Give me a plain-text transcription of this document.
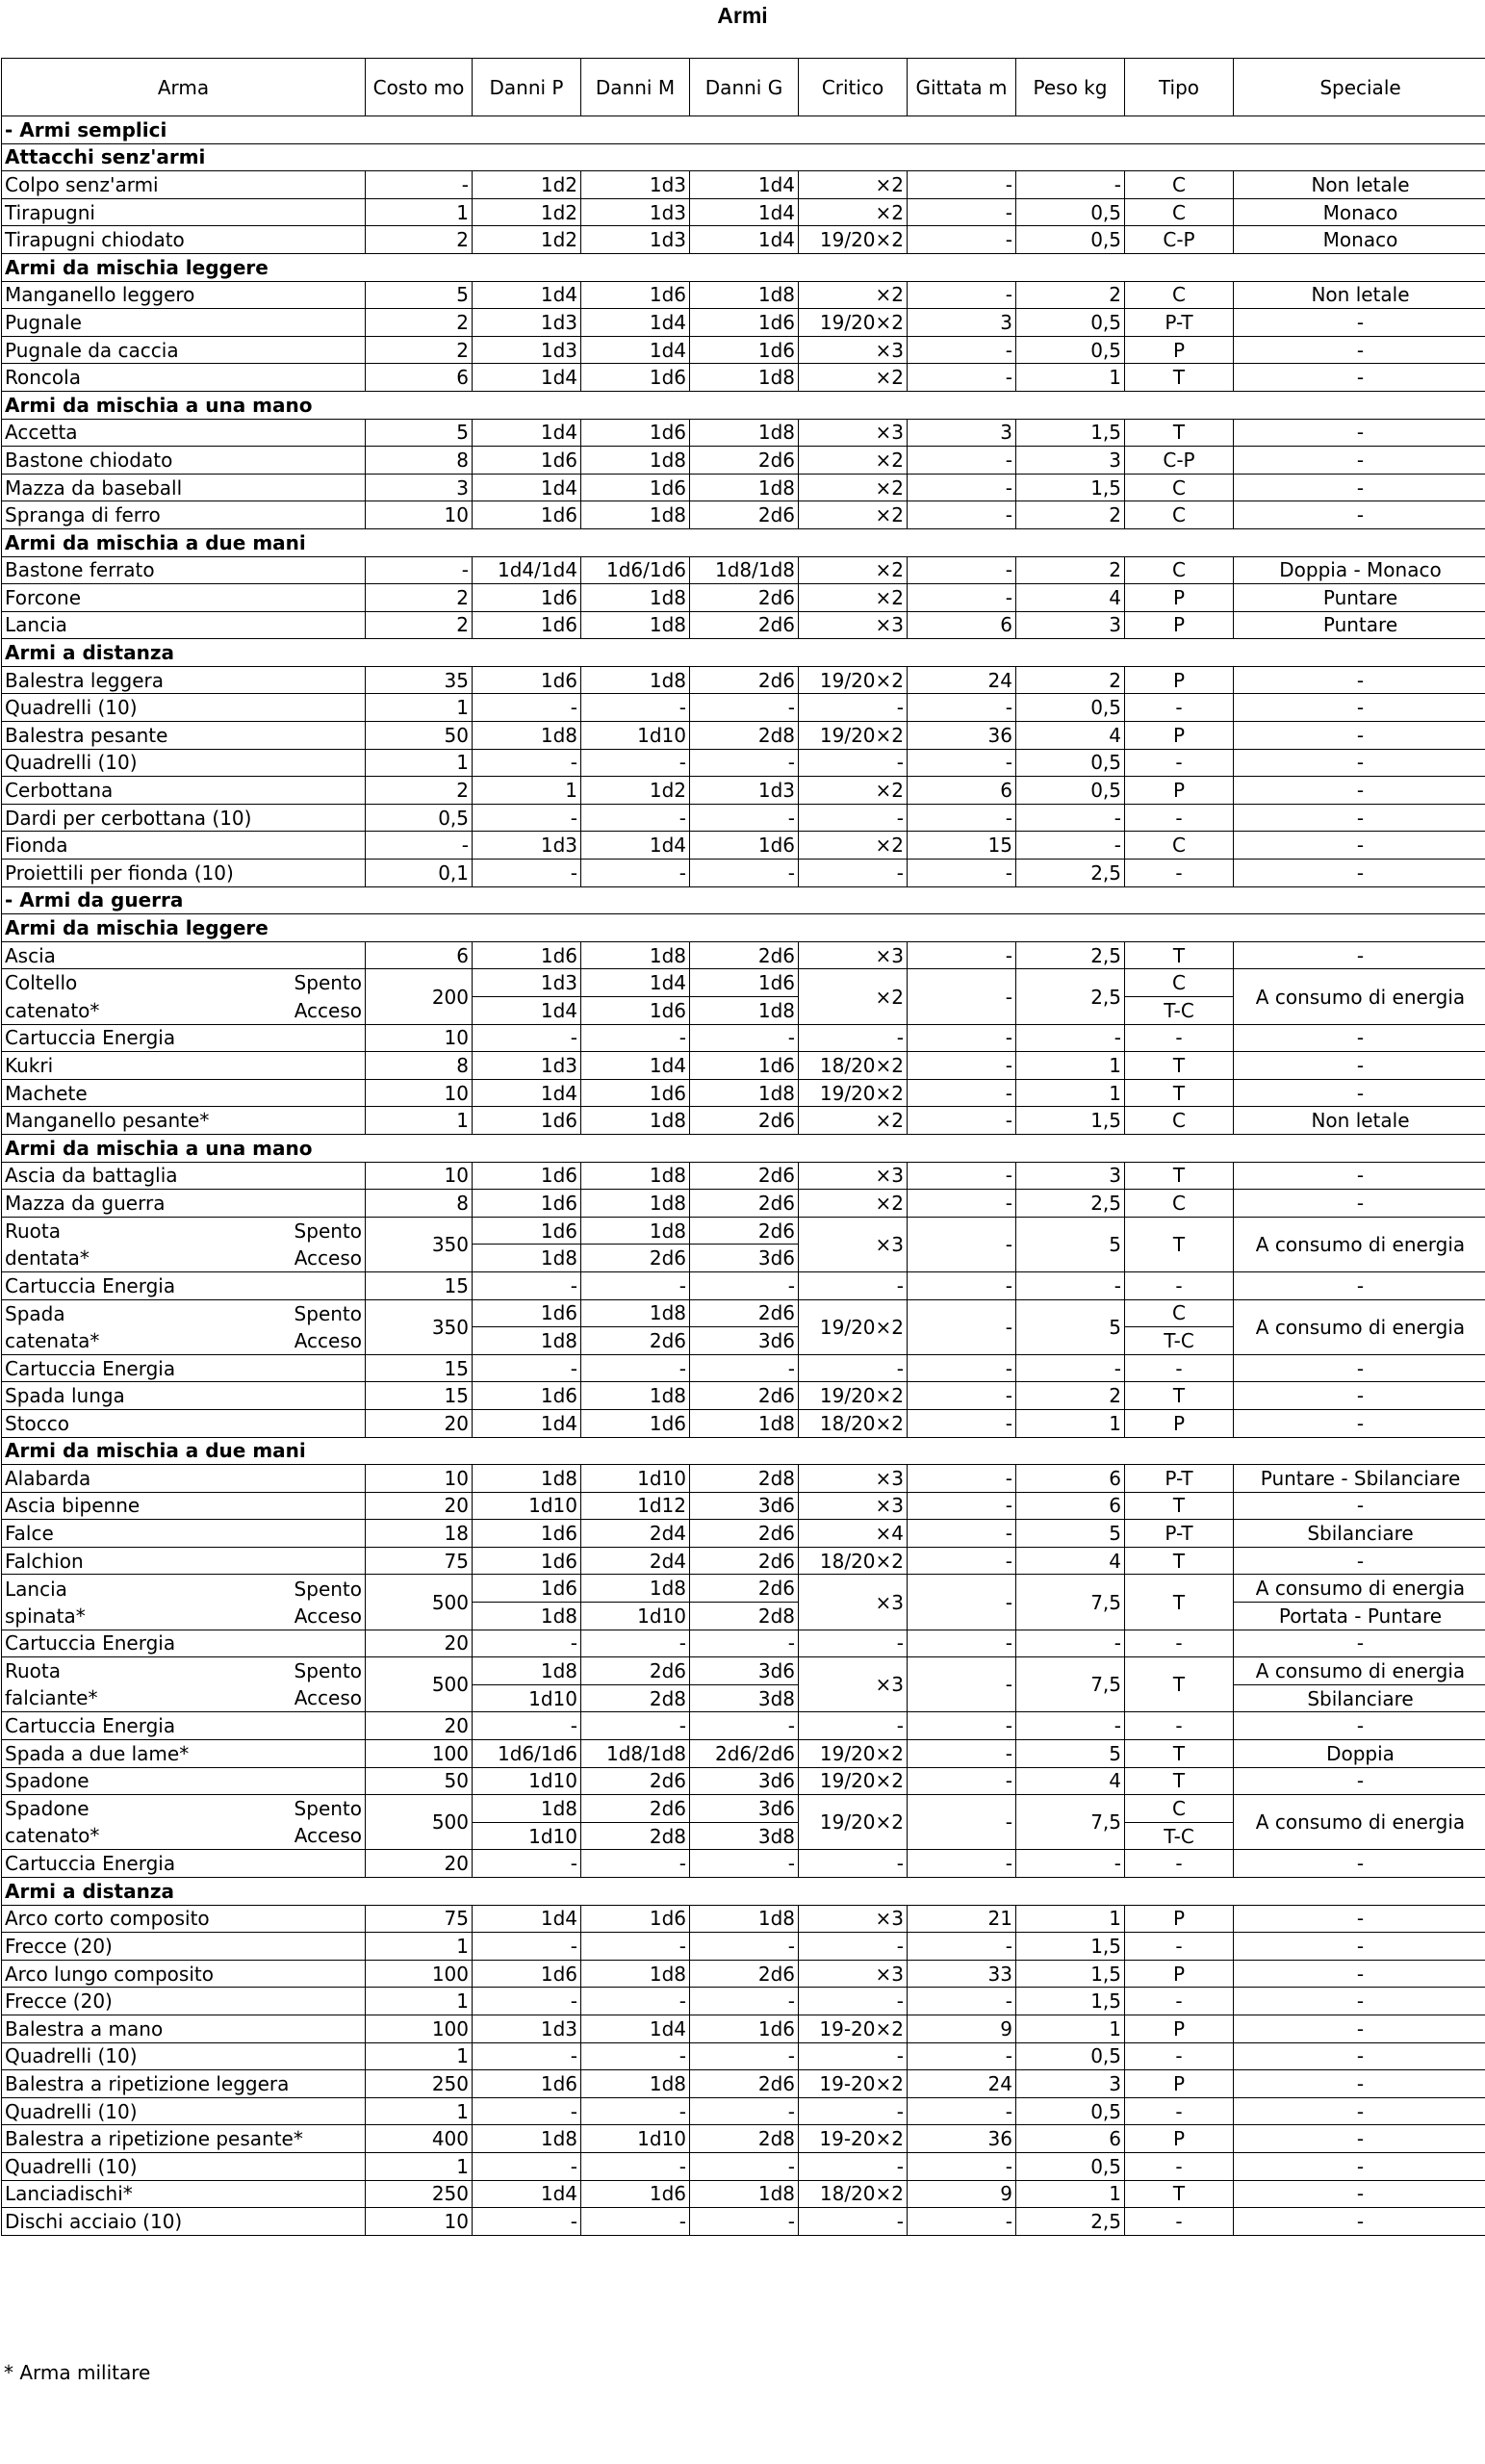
Armi
Arma	Costo mo	Danni P	Danni M	Danni G	Critico	Gittata m	Peso kg	Tipo	Speciale
- Armi semplici									
Attacchi senz'armi									
Colpo senz'armi	-	1d2	1d3	1d4	×2	-	-	C	Non letale
Tirapugni	1	1d2	1d3	1d4	×2	-	0,5	C	Monaco
Tirapugni chiodato	2	1d2	1d3	1d4	19/20×2	-	0,5	C-P	Monaco
Armi da mischia leggere									
Manganello leggero	5	1d4	1d6	1d8	×2	-	2	C	Non letale
Pugnale	2	1d3	1d4	1d6	19/20×2	3	0,5	P-T	-
Pugnale da caccia	2	1d3	1d4	1d6	×3	-	0,5	P	-
Roncola	6	1d4	1d6	1d8	×2	-	1	T	-
Armi da mischia a una mano									
Accetta	5	1d4	1d6	1d8	×3	3	1,5	T	-
Bastone chiodato	8	1d6	1d8	2d6	×2	-	3	C-P	-
Mazza da baseball	3	1d4	1d6	1d8	×2	-	1,5	C	-
Spranga di ferro	10	1d6	1d8	2d6	×2	-	2	C	-
Armi da mischia a due mani									
Bastone ferrato	-	1d4/1d4	1d6/1d6	1d8/1d8	×2	-	2	C	Doppia - Monaco
Forcone	2	1d6	1d8	2d6	×2	-	4	P	Puntare
Lancia	2	1d6	1d8	2d6	×3	6	3	P	Puntare
Armi a distanza									
Balestra leggera	35	1d6	1d8	2d6	19/20×2	24	2	P	-
Quadrelli (10)	1	-	-	-	-	-	0,5	-	-
Balestra pesante	50	1d8	1d10	2d8	19/20×2	36	4	P	-
Quadrelli (10)	1	-	-	-	-	-	0,5	-	-
Cerbottana	2	1	1d2	1d3	×2	6	0,5	P	-
Dardi per cerbottana (10)	0,5	-	-	-	-	-	-	-	-
Fionda	-	1d3	1d4	1d6	×2	15	-	C	-
Proiettili per fionda (10)	0,1	-	-	-	-	-	2,5	-	-
- Armi da guerra									
Armi da mischia leggere									
Ascia	6	1d6	1d8	2d6	×3	-	2,5	T	-

Coltello Spento	200	1d3	1d4	1d6	×2	-	2,5	C	A consumo di energia

catenato* Acceso		1d4	1d6	1d8				T-C	
Cartuccia Energia	10	-	-	-	-	-	-	-	-
Kukri	8	1d3	1d4	1d6	18/20×2	-	1	T	-
Machete	10	1d4	1d6	1d8	19/20×2	-	1	T	-
Manganello pesante*	1	1d6	1d8	2d6	×2	-	1,5	C	Non letale
Armi da mischia a una mano									
Ascia da battaglia	10	1d6	1d8	2d6	×3	-	3	T	-
Mazza da guerra	8	1d6	1d8	2d6	×2	-	2,5	C	-

Ruota Spento	350	1d6	1d8	2d6	×3	-	5	T	A consumo di energia

dentata* Acceso		1d8	2d6	3d6					
Cartuccia Energia	15	-	-	-	-	-	-	-	-

Spada Spento	350	1d6	1d8	2d6	19/20×2	-	5	C	A consumo di energia

catenata* Acceso		1d8	2d6	3d6				T-C	
Cartuccia Energia	15	-	-	-	-	-	-	-	-
Spada lunga	15	1d6	1d8	2d6	19/20×2	-	2	T	-
Stocco	20	1d4	1d6	1d8	18/20×2	-	1	P	-
Armi da mischia a due mani									
Alabarda	10	1d8	1d10	2d8	×3	-	6	P-T	Puntare - Sbilanciare
Ascia bipenne	20	1d10	1d12	3d6	×3	-	6	T	-
Falce	18	1d6	2d4	2d6	×4	-	5	P-T	Sbilanciare
Falchion	75	1d6	2d4	2d6	18/20×2	-	4	T	-

Lancia Spento	500	1d6	1d8	2d6	×3	-	7,5	T	A consumo di energia

spinata* Acceso		1d8	1d10	2d8					Portata - Puntare
Cartuccia Energia	20	-	-	-	-	-	-	-	-

Ruota Spento	500	1d8	2d6	3d6	×3	-	7,5	T	A consumo di energia

falciante* Acceso		1d10	2d8	3d8					Sbilanciare
Cartuccia Energia	20	-	-	-	-	-	-	-	-
Spada a due lame*	100	1d6/1d6	1d8/1d8	2d6/2d6	19/20×2	-	5	T	Doppia
Spadone	50	1d10	2d6	3d6	19/20×2	-	4	T	-

Spadone Spento	500	1d8	2d6	3d6	19/20×2	-	7,5	C	A consumo di energia

catenato* Acceso		1d10	2d8	3d8				T-C	
Cartuccia Energia	20	-	-	-	-	-	-	-	-
Armi a distanza									
Arco corto composito	75	1d4	1d6	1d8	×3	21	1	P	-
Frecce (20)	1	-	-	-	-	-	1,5	-	-
Arco lungo composito	100	1d6	1d8	2d6	×3	33	1,5	P	-
Frecce (20)	1	-	-	-	-	-	1,5	-	-
Balestra a mano	100	1d3	1d4	1d6	19-20×2	9	1	P	-
Quadrelli (10)	1	-	-	-	-	-	0,5	-	-
Balestra a ripetizione leggera	250	1d6	1d8	2d6	19-20×2	24	3	P	-
Quadrelli (10)	1	-	-	-	-	-	0,5	-	-
Balestra a ripetizione pesante*	400	1d8	1d10	2d8	19-20×2	36	6	P	-
Quadrelli (10)	1	-	-	-	-	-	0,5	-	-
Lanciadischi*	250	1d4	1d6	1d8	18/20×2	9	1	T	-
Dischi acciaio (10)	10	-	-	-	-	-	2,5	-	-
* Arma militare
